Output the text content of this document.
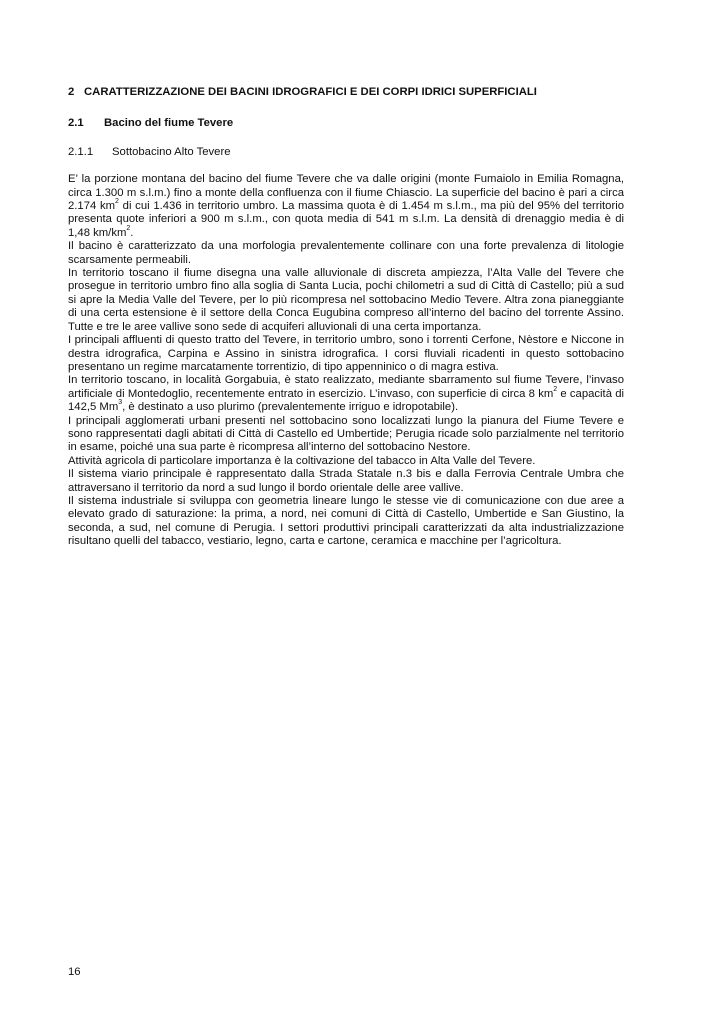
2 CARATTERIZZAZIONE DEI BACINI IDROGRAFICI E DEI CORPI IDRICI SUPERFICIALI
2.1	Bacino del fiume Tevere
2.1.1	Sottobacino Alto Tevere

E’ la porzione montana del bacino del fiume Tevere che va dalle origini (monte Fumaiolo in Emilia Romagna, circa 1.300 m s.l.m.) fino a monte della confluenza con il fiume Chiascio. La superficie del bacino è pari a circa 2.174 $km^2$ di cui 1.436 in territorio umbro. La massima quota è di 1.454 m s.l.m., ma più del 95% del territorio presenta quote inferiori a 900 m s.l.m., con quota media di 541 m s.l.m. La densità di drenaggio media è di 1,48 $km/km^2$.

Il bacino è caratterizzato da una morfologia prevalentemente collinare con una forte prevalenza di litologie scarsamente permeabili.

In territorio toscano il fiume disegna una valle alluvionale di discreta ampiezza, l’Alta Valle del Tevere che prosegue in territorio umbro fino alla soglia di Santa Lucia, pochi chilometri a sud di Città di Castello; più a sud si apre la Media Valle del Tevere, per lo più ricompresa nel sottobacino Medio Tevere. Altra zona pianeggiante di una certa estensione è il settore della Conca Eugubina compreso all’interno del bacino del torrente Assino. Tutte e tre le aree vallive sono sede di acquiferi alluvionali di una certa importanza.

I principali affluenti di questo tratto del Tevere, in territorio umbro, sono i torrenti Cerfone, Nèstore e Niccone in destra idrografica, Carpina e Assino in sinistra idrografica. I corsi fluviali ricadenti in questo sottobacino presentano un regime marcatamente torrentizio, di tipo appenninico o di magra estiva.

In territorio toscano, in località Gorgabuia, è stato realizzato, mediante sbarramento sul fiume Tevere, l’invaso artificiale di Montedoglio, recentemente entrato in esercizio. L’invaso, con superficie di circa 8 $km^2$ e capacità di 142,5 Mm$^3$, è destinato a uso plurimo (prevalentemente irriguo e idropotabile).

I principali agglomerati urbani presenti nel sottobacino sono localizzati lungo la pianura del Fiume Tevere e sono rappresentati dagli abitati di Città di Castello ed Umbertide; Perugia ricade solo parzialmente nel territorio in esame, poiché una sua parte è ricompresa all’interno del sottobacino Nestore.

Attività agricola di particolare importanza è la coltivazione del tabacco in Alta Valle del Tevere.

Il sistema viario principale è rappresentato dalla Strada Statale n.3 bis e dalla Ferrovia Centrale Umbra che attraversano il territorio da nord a sud lungo il bordo orientale delle aree vallive.

Il sistema industriale si sviluppa con geometria lineare lungo le stesse vie di comunicazione con due aree a elevato grado di saturazione: la prima, a nord, nei comuni di Città di Castello, Umbertide e San Giustino, la seconda, a sud, nel comune di Perugia. I settori produttivi principali caratterizzati da alta industrializzazione risultano quelli del tabacco, vestiario, legno, carta e cartone, ceramica e macchine per l’agricoltura.

16
